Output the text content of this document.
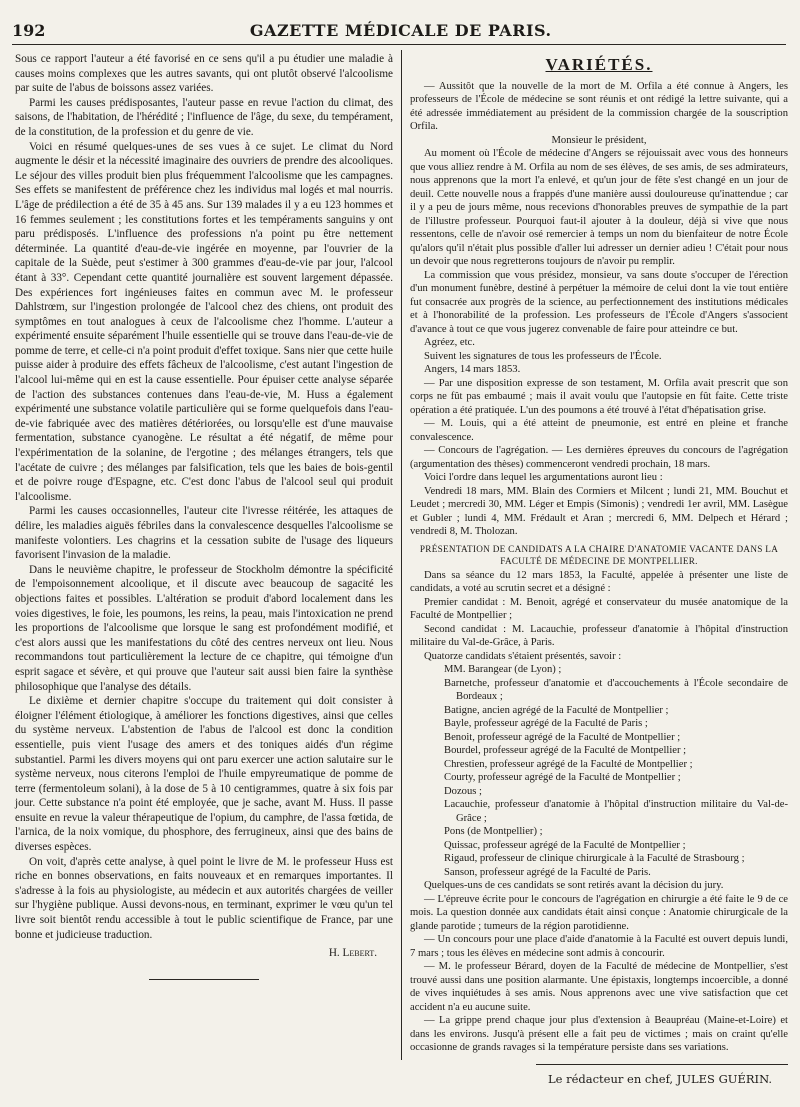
192	GAZETTE MÉDICALE DE PARIS.

Sous ce rapport l'auteur a été favorisé en ce sens qu'il a pu étudier une maladie à causes moins complexes que les autres savants, qui ont plutôt observé l'alcoolisme par suite de l'abus de boissons assez variées.

Parmi les causes prédisposantes, l'auteur passe en revue l'action du climat, des saisons, de l'habitation, de l'hérédité ; l'influence de l'âge, du sexe, du tempérament, de la constitution, de la profession et du genre de vie.

Voici en résumé quelques-unes de ses vues à ce sujet. Le climat du Nord augmente le désir et la nécessité imaginaire des ouvriers de prendre des alcooliques. Le séjour des villes produit bien plus fréquemment l'alcoolisme que les campagnes. Ses effets se manifestent de préférence chez les individus mal logés et mal nourris. L'âge de prédilection a été de 35 à 45 ans. Sur 139 malades il y a eu 123 hommes et 16 femmes seulement ; les constitutions fortes et les tempéraments sanguins y ont paru prédisposés. L'influence des professions n'a point pu être nettement déterminée. La quantité d'eau-de-vie ingérée en moyenne, par l'ouvrier de la capitale de la Suède, peut s'estimer à 300 grammes d'eau-de-vie par jour, l'alcool étant à 33°. Cependant cette quantité journalière est souvent largement dépassée. Des expériences fort ingénieuses faites en commun avec M. le professeur Dahlstrœm, sur l'ingestion prolongée de l'alcool chez des chiens, ont produit des symptômes en tout analogues à ceux de l'alcoolisme chez l'homme. L'auteur a expérimenté ensuite séparément l'huile essentielle qui se trouve dans l'eau-de-vie de pomme de terre, et celle-ci n'a point produit d'effet toxique. Sans nier que cette huile puisse aider à produire des effets fâcheux de l'alcoolisme, c'est autant l'ingestion de l'alcool lui-même qui en est la cause essentielle. Pour épuiser cette analyse séparée de l'action des substances contenues dans l'eau-de-vie, M. Huss a également expérimenté une substance volatile particulière qui se forme quelquefois dans l'eau-de-vie fabriquée avec des matières détériorées, ou lorsqu'elle est d'une mauvaise fermentation, substance cyanogène. Le résultat a été négatif, de même pour l'expérimentation de la solanine, de l'ergotine ; des mélanges étrangers, tels que l'acétate de cuivre ; des mélanges par falsification, tels que les baies de bois-gentil et de poivre rouge d'Espagne, etc. C'est donc l'abus de l'alcool seul qui produit l'alcoolisme.

Parmi les causes occasionnelles, l'auteur cite l'ivresse réitérée, les attaques de délire, les maladies aiguës fébriles dans la convalescence desquelles l'alcoolisme se manifeste volontiers. Les chagrins et la cessation subite de l'usage des liqueurs favorisent l'invasion de la maladie.

Dans le neuvième chapitre, le professeur de Stockholm démontre la spécificité de l'empoisonnement alcoolique, et il discute avec beaucoup de sagacité les objections faites et possibles. L'altération se produit d'abord localement dans les voies digestives, le foie, les poumons, les reins, la peau, mais l'intoxication ne prend les proportions de l'alcoolisme que lorsque le sang est profondément modifié, et c'est alors aussi que les manifestations du côté des centres nerveux ont lieu. Nous recommandons tout particulièrement la lecture de ce chapitre, qui témoigne d'un esprit sagace et sévère, et qui prouve que l'auteur sait aussi bien faire la synthèse philosophique que l'analyse des détails.

Le dixième et dernier chapitre s'occupe du traitement qui doit consister à éloigner l'élément étiologique, à améliorer les fonctions digestives, ainsi que celles du système nerveux. L'abstention de l'abus de l'alcool est donc la condition essentielle, puis vient l'usage des amers et des toniques aidés d'un régime substantiel. Parmi les divers moyens qui ont paru exercer une action salutaire sur le système nerveux, nous citerons l'emploi de l'huile empyreumatique de pomme de terre (fermentoleum solani), à la dose de 5 à 10 centigrammes, quatre à six fois par jour. Cette substance n'a point été employée, que je sache, avant M. Huss. Il passe ensuite en revue la valeur thérapeutique de l'opium, du camphre, de l'assa fœtida, de l'arnica, de la noix vomique, du phosphore, des ferrugineux, ainsi que des bains de diverses espèces.

On voit, d'après cette analyse, à quel point le livre de M. le professeur Huss est riche en bonnes observations, en faits nouveaux et en remarques importantes. Il s'adresse à la fois au physiologiste, au médecin et aux autorités chargées de veiller sur l'hygiène publique. Aussi devons-nous, en terminant, exprimer le vœu qu'un tel livre soit bientôt rendu accessible à tout le public scientifique de France, par une bonne et judicieuse traduction.

H. Lebert.
VARIÉTÉS.

— Aussitôt que la nouvelle de la mort de M. Orfila a été connue à Angers, les professeurs de l'École de médecine se sont réunis et ont rédigé la lettre suivante, qui a été adressée immédiatement au président de la commission chargée de la souscription Orfila.

Monsieur le président,

Au moment où l'École de médecine d'Angers se réjouissait avec vous des honneurs que vous alliez rendre à M. Orfila au nom de ses élèves, de ses amis, de ses admirateurs, nous apprenons que la mort l'a enlevé, et qu'un jour de fête s'est changé en un jour de deuil. Cette nouvelle nous a frappés d'une manière aussi douloureuse qu'inattendue ; car il y a peu de jours même, nous recevions d'honorables preuves de sympathie de la part de l'illustre professeur. Pourquoi faut-il ajouter à la douleur, déjà si vive que nous ressentons, celle de n'avoir osé remercier à temps un nom du bienfaiteur de notre École qu'alors qu'il n'était plus possible d'aller lui adresser un dernier adieu ! C'était pour nous un devoir que nous regretterons toujours de n'avoir pu remplir.

La commission que vous présidez, monsieur, va sans doute s'occuper de l'érection d'un monument funèbre, destiné à perpétuer la mémoire de celui dont la vie tout entière fut consacrée aux progrès de la science, au perfectionnement des institutions médicales et à l'honorabilité de la profession. Les professeurs de l'École d'Angers s'associent d'avance à tout ce que vous jugerez convenable de faire pour atteindre ce but.

Agréez, etc.

Suivent les signatures de tous les professeurs de l'École.

Angers, 14 mars 1853.

— Par une disposition expresse de son testament, M. Orfila avait prescrit que son corps ne fût pas embaumé ; mais il avait voulu que l'autopsie en fût faite. Cette triste opération a été pratiquée. L'un des poumons a été trouvé à l'état d'hépatisation grise.

— M. Louis, qui a été atteint de pneumonie, est entré en pleine et franche convalescence.

— Concours de l'agrégation. — Les dernières épreuves du concours de l'agrégation (argumentation des thèses) commenceront vendredi prochain, 18 mars.

Voici l'ordre dans lequel les argumentations auront lieu :

Vendredi 18 mars, MM. Blain des Cormiers et Milcent ; lundi 21, MM. Bouchut et Leudet ; mercredi 30, MM. Léger et Empis (Simonis) ; vendredi 1er avril, MM. Lasègue et Gubler ; lundi 4, MM. Frédault et Aran ; mercredi 6, MM. Delpech et Hérard ; vendredi 8, M. Tholozan.

PRÉSENTATION DE CANDIDATS A LA CHAIRE D'ANATOMIE VACANTE DANS LA FACULTÉ DE MÉDECINE DE MONTPELLIER.

Dans sa séance du 12 mars 1853, la Faculté, appelée à présenter une liste de candidats, a voté au scrutin secret et a désigné :

Premier candidat : M. Benoit, agrégé et conservateur du musée anatomique de la Faculté de Montpellier ;

Second candidat : M. Lacauchie, professeur d'anatomie à l'hôpital d'instruction militaire du Val-de-Grâce, à Paris.

Quatorze candidats s'étaient présentés, savoir :

MM. Barangear (de Lyon) ;
Barnetche, professeur d'anatomie et d'accouchements à l'École secondaire de Bordeaux ;
Batigne, ancien agrégé de la Faculté de Montpellier ;
Bayle, professeur agrégé de la Faculté de Paris ;
Benoit, professeur agrégé de la Faculté de Montpellier ;
Bourdel, professeur agrégé de la Faculté de Montpellier ;
Chrestien, professeur agrégé de la Faculté de Montpellier ;
Courty, professeur agrégé de la Faculté de Montpellier ;
Dozous ;
Lacauchie, professeur d'anatomie à l'hôpital d'instruction militaire du Val-de-Grâce ;
Pons (de Montpellier) ;
Quissac, professeur agrégé de la Faculté de Montpellier ;
Rigaud, professeur de clinique chirurgicale à la Faculté de Strasbourg ;
Sanson, professeur agrégé de la Faculté de Paris.

Quelques-uns de ces candidats se sont retirés avant la décision du jury.

— L'épreuve écrite pour le concours de l'agrégation en chirurgie a été faite le 9 de ce mois. La question donnée aux candidats était ainsi conçue : Anatomie chirurgicale de la glande parotide ; tumeurs de la région parotidienne.

— Un concours pour une place d'aide d'anatomie à la Faculté est ouvert depuis lundi, 7 mars ; tous les élèves en médecine sont admis à concourir.

— M. le professeur Bérard, doyen de la Faculté de médecine de Montpellier, s'est trouvé aussi dans une position alarmante. Une épistaxis, longtemps incoercible, a donné de vives inquiétudes à ses amis. Nous apprenons avec une vive satisfaction que cet accident n'a eu aucune suite.

— La grippe prend chaque jour plus d'extension à Beaupréau (Maine-et-Loire) et dans les environs. Jusqu'à présent elle a fait peu de victimes ; mais on craint qu'elle occasionne de grands ravages si la température persiste dans ses variations.

Le rédacteur en chef, JULES GUÉRIN.
